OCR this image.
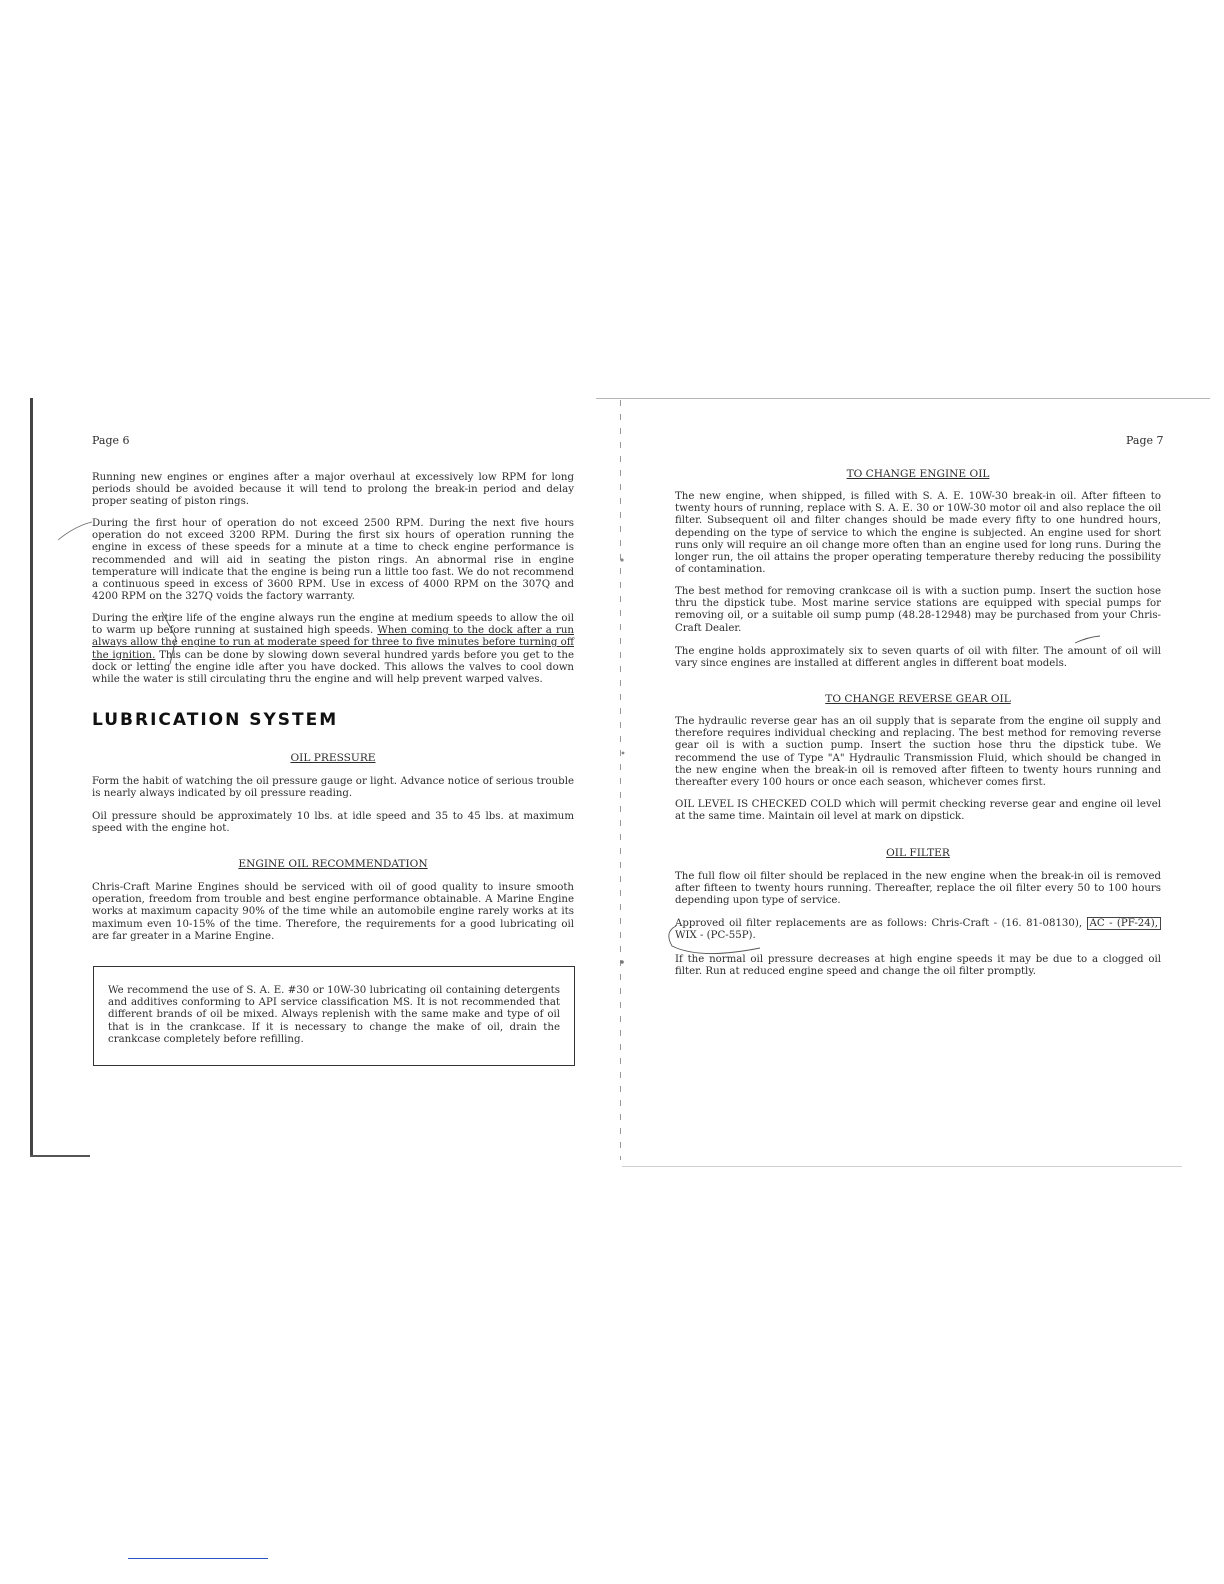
Page 6

Running new engines or engines after a major overhaul at excessively low RPM for long periods should be avoided because it will tend to prolong the break-in period and delay proper seating of piston rings.

During the first hour of operation do not exceed 2500 RPM. During the next five hours operation do not exceed 3200 RPM. During the first six hours of operation running the engine in excess of these speeds for a minute at a time to check engine performance is recommended and will aid in seating the piston rings. An abnormal rise in engine temperature will indicate that the engine is being run a little too fast. We do not recommend a continuous speed in excess of 3600 RPM. Use in excess of 4000 RPM on the 307Q and 4200 RPM on the 327Q voids the factory warranty.

During the entire life of the engine always run the engine at medium speeds to allow the oil to warm up before running at sustained high speeds. When coming to the dock after a run always allow the engine to run at moderate speed for three to five minutes before turning off the ignition. This can be done by slowing down several hundred yards before you get to the dock or letting the engine idle after you have docked. This allows the valves to cool down while the water is still circulating thru the engine and will help prevent warped valves.

LUBRICATION SYSTEM
OIL PRESSURE

Form the habit of watching the oil pressure gauge or light. Advance notice of serious trouble is nearly always indicated by oil pressure reading.

Oil pressure should be approximately 10 lbs. at idle speed and 35 to 45 lbs. at maximum speed with the engine hot.

ENGINE OIL RECOMMENDATION

Chris-Craft Marine Engines should be serviced with oil of good quality to insure smooth operation, freedom from trouble and best engine performance obtainable. A Marine Engine works at maximum capacity 90% of the time while an automobile engine rarely works at its maximum even 10-15% of the time. Therefore, the requirements for a good lubricating oil are far greater in a Marine Engine.

We recommend the use of S. A. E. #30 or 10W-30 lubricating oil containing detergents and additives conforming to API service classification MS. It is not recommended that different brands of oil be mixed. Always replenish with the same make and type of oil that is in the crankcase. If it is necessary to change the make of oil, drain the crankcase completely before refilling.

Page 7
TO CHANGE ENGINE OIL

The new engine, when shipped, is filled with S. A. E. 10W-30 break-in oil. After fifteen to twenty hours of running, replace with S. A. E. 30 or 10W-30 motor oil and also replace the oil filter. Subsequent oil and filter changes should be made every fifty to one hundred hours, depending on the type of service to which the engine is subjected. An engine used for short runs only will require an oil change more often than an engine used for long runs. During the longer run, the oil attains the proper operating temperature thereby reducing the possibility of contamination.

The best method for removing crankcase oil is with a suction pump. Insert the suction hose thru the dipstick tube. Most marine service stations are equipped with special pumps for removing oil, or a suitable oil sump pump (48.28-12948) may be purchased from your Chris-Craft Dealer.

The engine holds approximately six to seven quarts of oil with filter. The amount of oil will vary since engines are installed at different angles in different boat models.

TO CHANGE REVERSE GEAR OIL

The hydraulic reverse gear has an oil supply that is separate from the engine oil supply and therefore requires individual checking and replacing. The best method for removing reverse gear oil is with a suction pump. Insert the suction hose thru the dipstick tube. We recommend the use of Type "A" Hydraulic Transmission Fluid, which should be changed in the new engine when the break-in oil is removed after fifteen to twenty hours running and thereafter every 100 hours or once each season, whichever comes first.

OIL LEVEL IS CHECKED COLD which will permit checking reverse gear and engine oil level at the same time. Maintain oil level at mark on dipstick.

OIL FILTER

The full flow oil filter should be replaced in the new engine when the break-in oil is removed after fifteen to twenty hours running. Thereafter, replace the oil filter every 50 to 100 hours depending upon type of service.

Approved oil filter replacements are as follows: Chris-Craft - (16. 81-08130), AC - (PF-24), WIX - (PC-55P).

If the normal oil pressure decreases at high engine speeds it may be due to a clogged oil filter. Run at reduced engine speed and change the oil filter promptly.
